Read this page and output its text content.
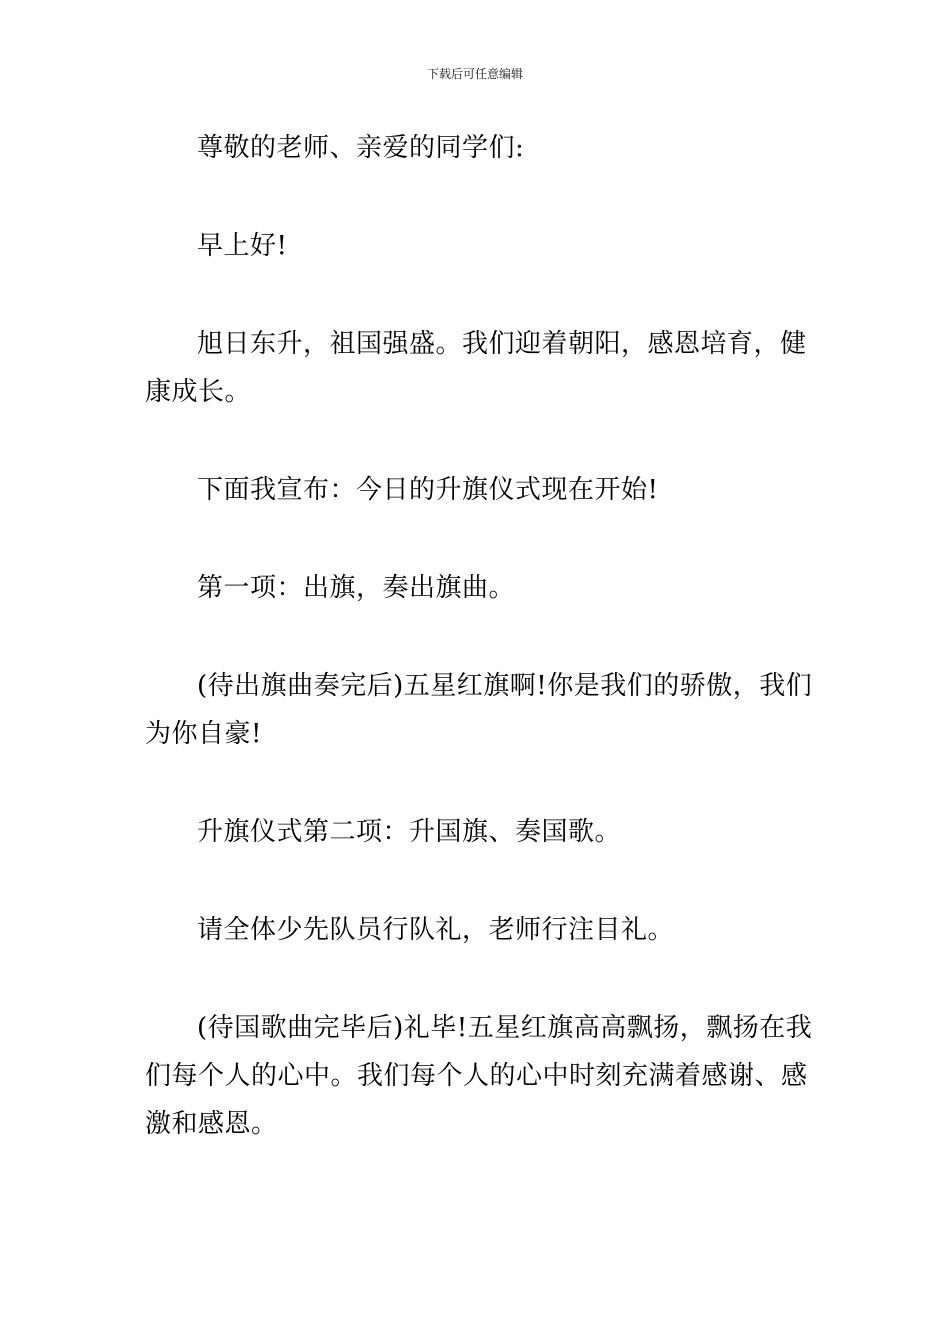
下载后可任意编辑

尊敬的老师、亲爱的同学们:

早上好!

旭日东升，祖国强盛。我们迎着朝阳，感恩培育，健康成长。

下面我宣布：今日的升旗仪式现在开始!

第一项：出旗，奏出旗曲。

(待出旗曲奏完后)五星红旗啊!你是我们的骄傲，我们为你自豪!

升旗仪式第二项：升国旗、奏国歌。

请全体少先队员行队礼，老师行注目礼。

(待国歌曲完毕后)礼毕!五星红旗高高飘扬，飘扬在我们每个人的心中。我们每个人的心中时刻充满着感谢、感激和感恩。
